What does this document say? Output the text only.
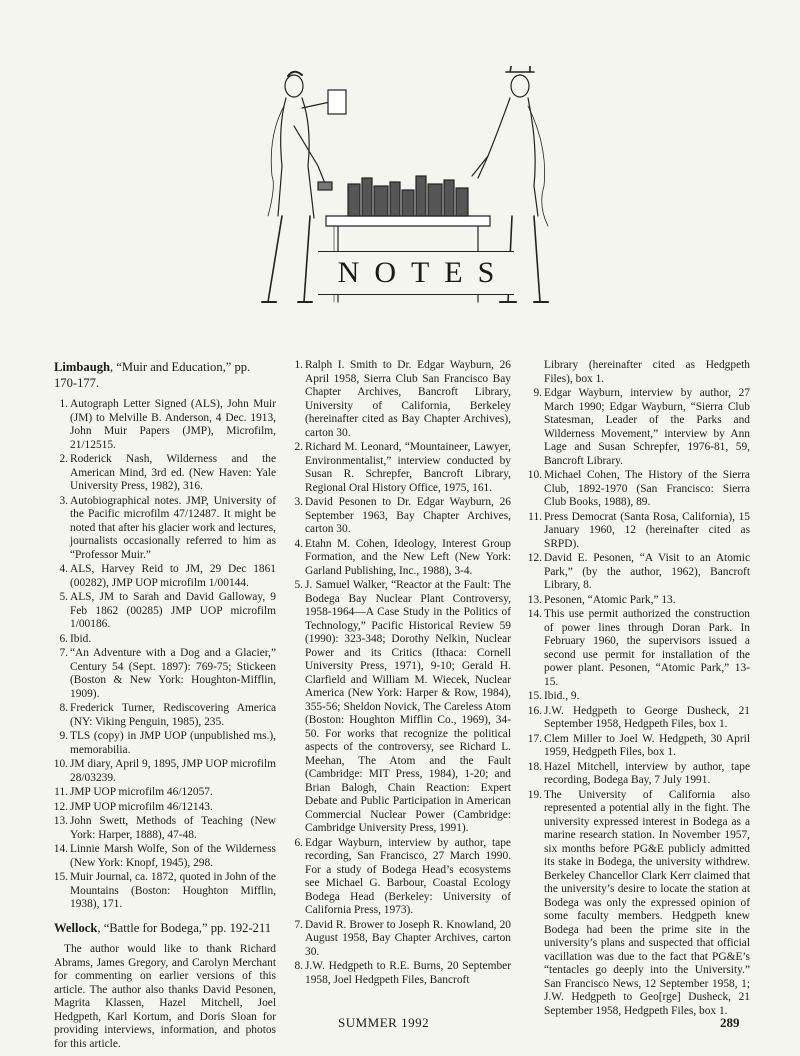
NOTES
Limbaugh, “Muir and Education,” pp. 170-177.
1. Autograph Letter Signed (ALS), John Muir (JM) to Melville B. Anderson, 4 Dec. 1913, John Muir Papers (JMP), Microfilm, 21/12515.
2. Roderick Nash, Wilderness and the American Mind, 3rd ed. (New Haven: Yale University Press, 1982), 316.
3. Autobiographical notes. JMP, University of the Pacific microfilm 47/12487. It might be noted that after his glacier work and lectures, journalists occasionally referred to him as “Professor Muir.”
4. ALS, Harvey Reid to JM, 29 Dec 1861 (00282), JMP UOP microfilm 1/00144.
5. ALS, JM to Sarah and David Galloway, 9 Feb 1862 (00285) JMP UOP microfilm 1/00186.
6. Ibid.
7. “An Adventure with a Dog and a Glacier,” Century 54 (Sept. 1897): 769-75; Stickeen (Boston & New York: Houghton-Mifflin, 1909).
8. Frederick Turner, Rediscovering America (NY: Viking Penguin, 1985), 235.
9. TLS (copy) in JMP UOP (unpublished ms.), memorabilia.
10. JM diary, April 9, 1895, JMP UOP microfilm 28/03239.
11. JMP UOP microfilm 46/12057.
12. JMP UOP microfilm 46/12143.
13. John Swett, Methods of Teaching (New York: Harper, 1888), 47-48.
14. Linnie Marsh Wolfe, Son of the Wilderness (New York: Knopf, 1945), 298.
15. Muir Journal, ca. 1872, quoted in John of the Mountains (Boston: Houghton Mifflin, 1938), 171.
Wellock, “Battle for Bodega,” pp. 192-211

The author would like to thank Richard Abrams, James Gregory, and Carolyn Merchant for commenting on earlier versions of this article. The author also thanks David Pesonen, Magrita Klassen, Hazel Mitchell, Joel Hedgpeth, Karl Kortum, and Doris Sloan for providing interviews, information, and photos for this article.

1. Ralph I. Smith to Dr. Edgar Wayburn, 26 April 1958, Sierra Club San Francisco Bay Chapter Archives, Bancroft Library, University of California, Berkeley (hereinafter cited as Bay Chapter Archives), carton 30.
2. Richard M. Leonard, “Mountaineer, Lawyer, Environmentalist,” interview conducted by Susan R. Schrepfer, Bancroft Library, Regional Oral History Office, 1975, 161.
3. David Pesonen to Dr. Edgar Wayburn, 26 September 1963, Bay Chapter Archives, carton 30.
4. Etahn M. Cohen, Ideology, Interest Group Formation, and the New Left (New York: Garland Publishing, Inc., 1988), 3-4.
5. J. Samuel Walker, “Reactor at the Fault: The Bodega Bay Nuclear Plant Controversy, 1958-1964—A Case Study in the Politics of Technology,” Pacific Historical Review 59 (1990): 323-348; Dorothy Nelkin, Nuclear Power and its Critics (Ithaca: Cornell University Press, 1971), 9-10; Gerald H. Clarfield and William M. Wiecek, Nuclear America (New York: Harper & Row, 1984), 355-56; Sheldon Novick, The Careless Atom (Boston: Houghton Mifflin Co., 1969), 34-50. For works that recognize the political aspects of the controversy, see Richard L. Meehan, The Atom and the Fault (Cambridge: MIT Press, 1984), 1-20; and Brian Balogh, Chain Reaction: Expert Debate and Public Participation in American Commercial Nuclear Power (Cambridge: Cambridge University Press, 1991).
6. Edgar Wayburn, interview by author, tape recording, San Francisco, 27 March 1990. For a study of Bodega Head’s ecosystems see Michael G. Barbour, Coastal Ecology Bodega Head (Berkeley: University of California Press, 1973).
7. David R. Brower to Joseph R. Knowland, 20 August 1958, Bay Chapter Archives, carton 30.
8. J.W. Hedgpeth to R.E. Burns, 20 September 1958, Joel Hedgpeth Files, Bancroft

Library (hereinafter cited as Hedgpeth Files), box 1.

9. Edgar Wayburn, interview by author, 27 March 1990; Edgar Wayburn, “Sierra Club Statesman, Leader of the Parks and Wilderness Movement,” interview by Ann Lage and Susan Schrepfer, 1976-81, 59, Bancroft Library.
10. Michael Cohen, The History of the Sierra Club, 1892-1970 (San Francisco: Sierra Club Books, 1988), 89.
11. Press Democrat (Santa Rosa, California), 15 January 1960, 12 (hereinafter cited as SRPD).
12. David E. Pesonen, “A Visit to an Atomic Park,” (by the author, 1962), Bancroft Library, 8.
13. Pesonen, “Atomic Park,” 13.
14. This use permit authorized the construction of power lines through Doran Park. In February 1960, the supervisors issued a second use permit for installation of the power plant. Pesonen, “Atomic Park,” 13-15.
15. Ibid., 9.
16. J.W. Hedgpeth to George Dusheck, 21 September 1958, Hedgpeth Files, box 1.
17. Clem Miller to Joel W. Hedgpeth, 30 April 1959, Hedgpeth Files, box 1.
18. Hazel Mitchell, interview by author, tape recording, Bodega Bay, 7 July 1991.
19. The University of California also represented a potential ally in the fight. The university expressed interest in Bodega as a marine research station. In November 1957, six months before PG&E publicly admitted its stake in Bodega, the university withdrew. Berkeley Chancellor Clark Kerr claimed that the university’s desire to locate the station at Bodega was only the expressed opinion of some faculty members. Hedgpeth knew Bodega had been the prime site in the university’s plans and suspected that official vacillation was due to the fact that PG&E’s “tentacles go deeply into the University.” San Francisco News, 12 September 1958, 1; J.W. Hedgpeth to Geo[rge] Dusheck, 21 September 1958, Hedgpeth Files, box 1.
SUMMER 1992	289
